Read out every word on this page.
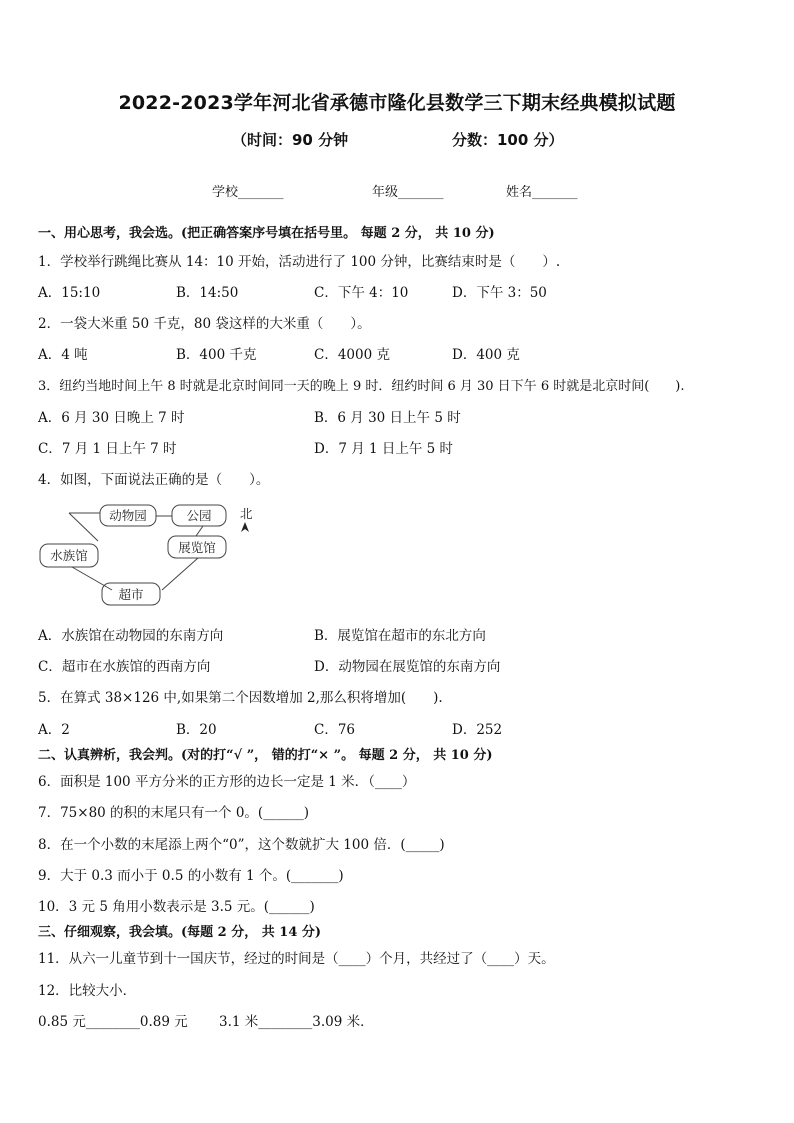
2022-2023学年河北省承德市隆化县数学三下期末经典模拟试题
（时间：90 分钟	分数：100 分）
学校_______	年级_______	姓名_______
一、用心思考，我会选。(把正确答案序号填在括号里。 每题 2 分， 共 10 分)
1．学校举行跳绳比赛从 14：10 开始，活动进行了 100 分钟，比赛结束时是（　　）.
A．15:10	B．14:50	C．下午 4：10	D．下午 3：50
2．一袋大米重 50 千克，80 袋这样的大米重（　　）。
A．4 吨	B．400 千克	C．4000 克	D．400 克
3．纽约当地时间上午 8 时就是北京时间同一天的晚上 9 时．纽约时间 6 月 30 日下午 6 时就是北京时间(　　).
A．6 月 30 日晚上 7 时	B．6 月 30 日上午 5 时
C．7 月 1 日上午 7 时	D．7 月 1 日上午 5 时
4．如图，下面说法正确的是（　　）。
动物园	公园
展览馆
水族馆
超市
北
A．水族馆在动物园的东南方向	B．展览馆在超市的东北方向
C．超市在水族馆的西南方向	D．动物园在展览馆的东南方向
5．在算式 38×126 中,如果第二个因数增加 2,那么积将增加(　　).
A．2	B．20	C．76	D．252
二、认真辨析，我会判。(对的打“√ ”， 错的打“× ”。 每题 2 分， 共 10 分)
6．面积是 100 平方分米的正方形的边长一定是 1 米．（____）
7．75×80 的积的末尾只有一个 0。(______)
8．在一个小数的末尾添上两个“0”，这个数就扩大 100 倍．(_____)
9．大于 0.3 而小于 0.5 的小数有 1 个。(_______)
10．3 元 5 角用小数表示是 3.5 元。(______)
三、仔细观察，我会填。(每题 2 分， 共 14 分)
11．从六一儿童节到十一国庆节，经过的时间是（____）个月，共经过了（____）天。
12．比较大小．
0.85 元________0.89 元 3.1 米________3.09 米．
